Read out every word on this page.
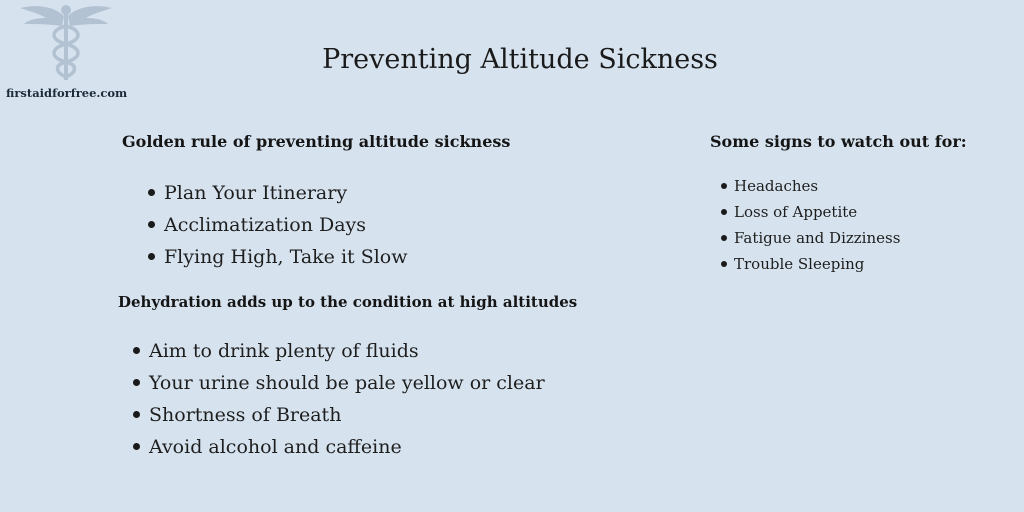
firstaidforfree.com
Preventing Altitude Sickness
Golden rule of preventing altitude sickness
Plan Your Itinerary
Acclimatization Days
Flying High, Take it Slow
Dehydration adds up to the condition at high altitudes
Aim to drink plenty of fluids
Your urine should be pale yellow or clear
Shortness of Breath
Avoid alcohol and caffeine
Some signs to watch out for:
Headaches
Loss of Appetite
Fatigue and Dizziness
Trouble Sleeping
